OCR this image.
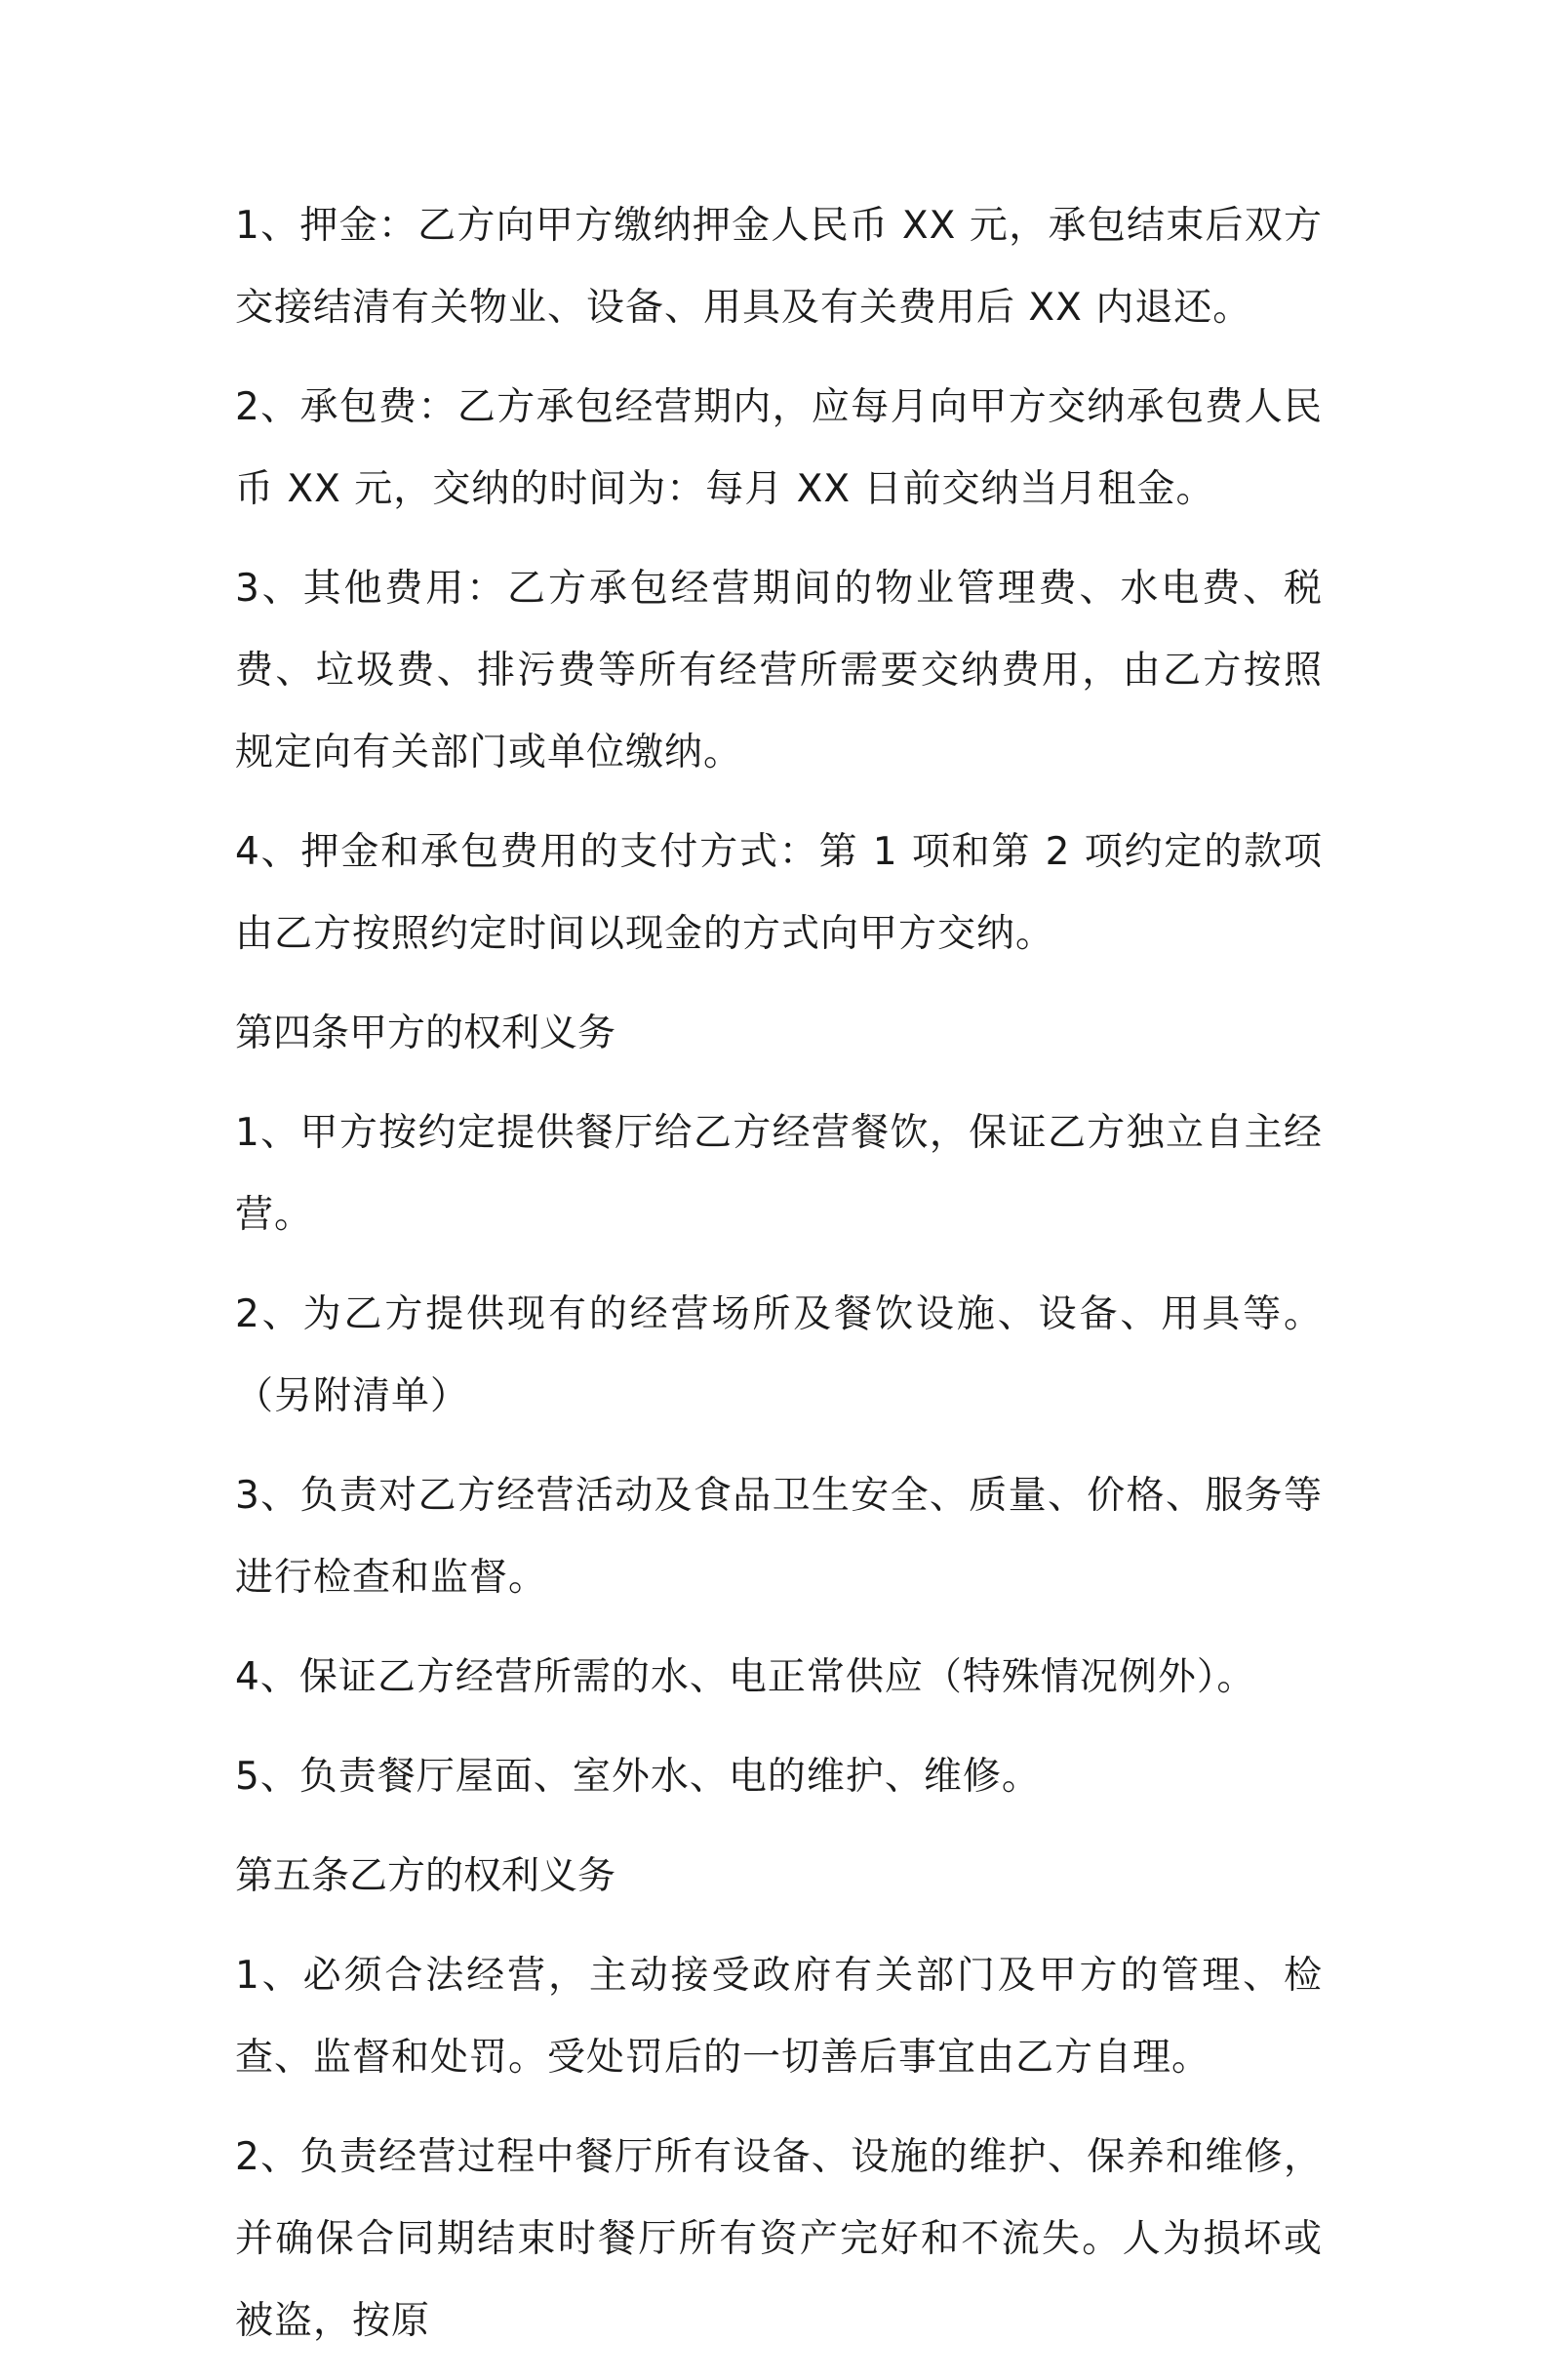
1、押金：乙方向甲方缴纳押金人民币 XX 元，承包结束后双方交接结清有关物业、设备、用具及有关费用后 XX 内退还。

2、承包费：乙方承包经营期内，应每月向甲方交纳承包费人民币 XX 元，交纳的时间为：每月 XX 日前交纳当月租金。

3、其他费用：乙方承包经营期间的物业管理费、水电费、税费、垃圾费、排污费等所有经营所需要交纳费用，由乙方按照规定向有关部门或单位缴纳。

4、押金和承包费用的支付方式：第 1 项和第 2 项约定的款项由乙方按照约定时间以现金的方式向甲方交纳。

第四条甲方的权利义务

1、甲方按约定提供餐厅给乙方经营餐饮，保证乙方独立自主经营。

2、为乙方提供现有的经营场所及餐饮设施、设备、用具等。（另附清单）

3、负责对乙方经营活动及食品卫生安全、质量、价格、服务等进行检查和监督。

4、保证乙方经营所需的水、电正常供应（特殊情况例外）。

5、负责餐厅屋面、室外水、电的维护、维修。

第五条乙方的权利义务

1、必须合法经营，主动接受政府有关部门及甲方的管理、检查、监督和处罚。受处罚后的一切善后事宜由乙方自理。

2、负责经营过程中餐厅所有设备、设施的维护、保养和维修，并确保合同期结束时餐厅所有资产完好和不流失。人为损坏或被盗，按原
